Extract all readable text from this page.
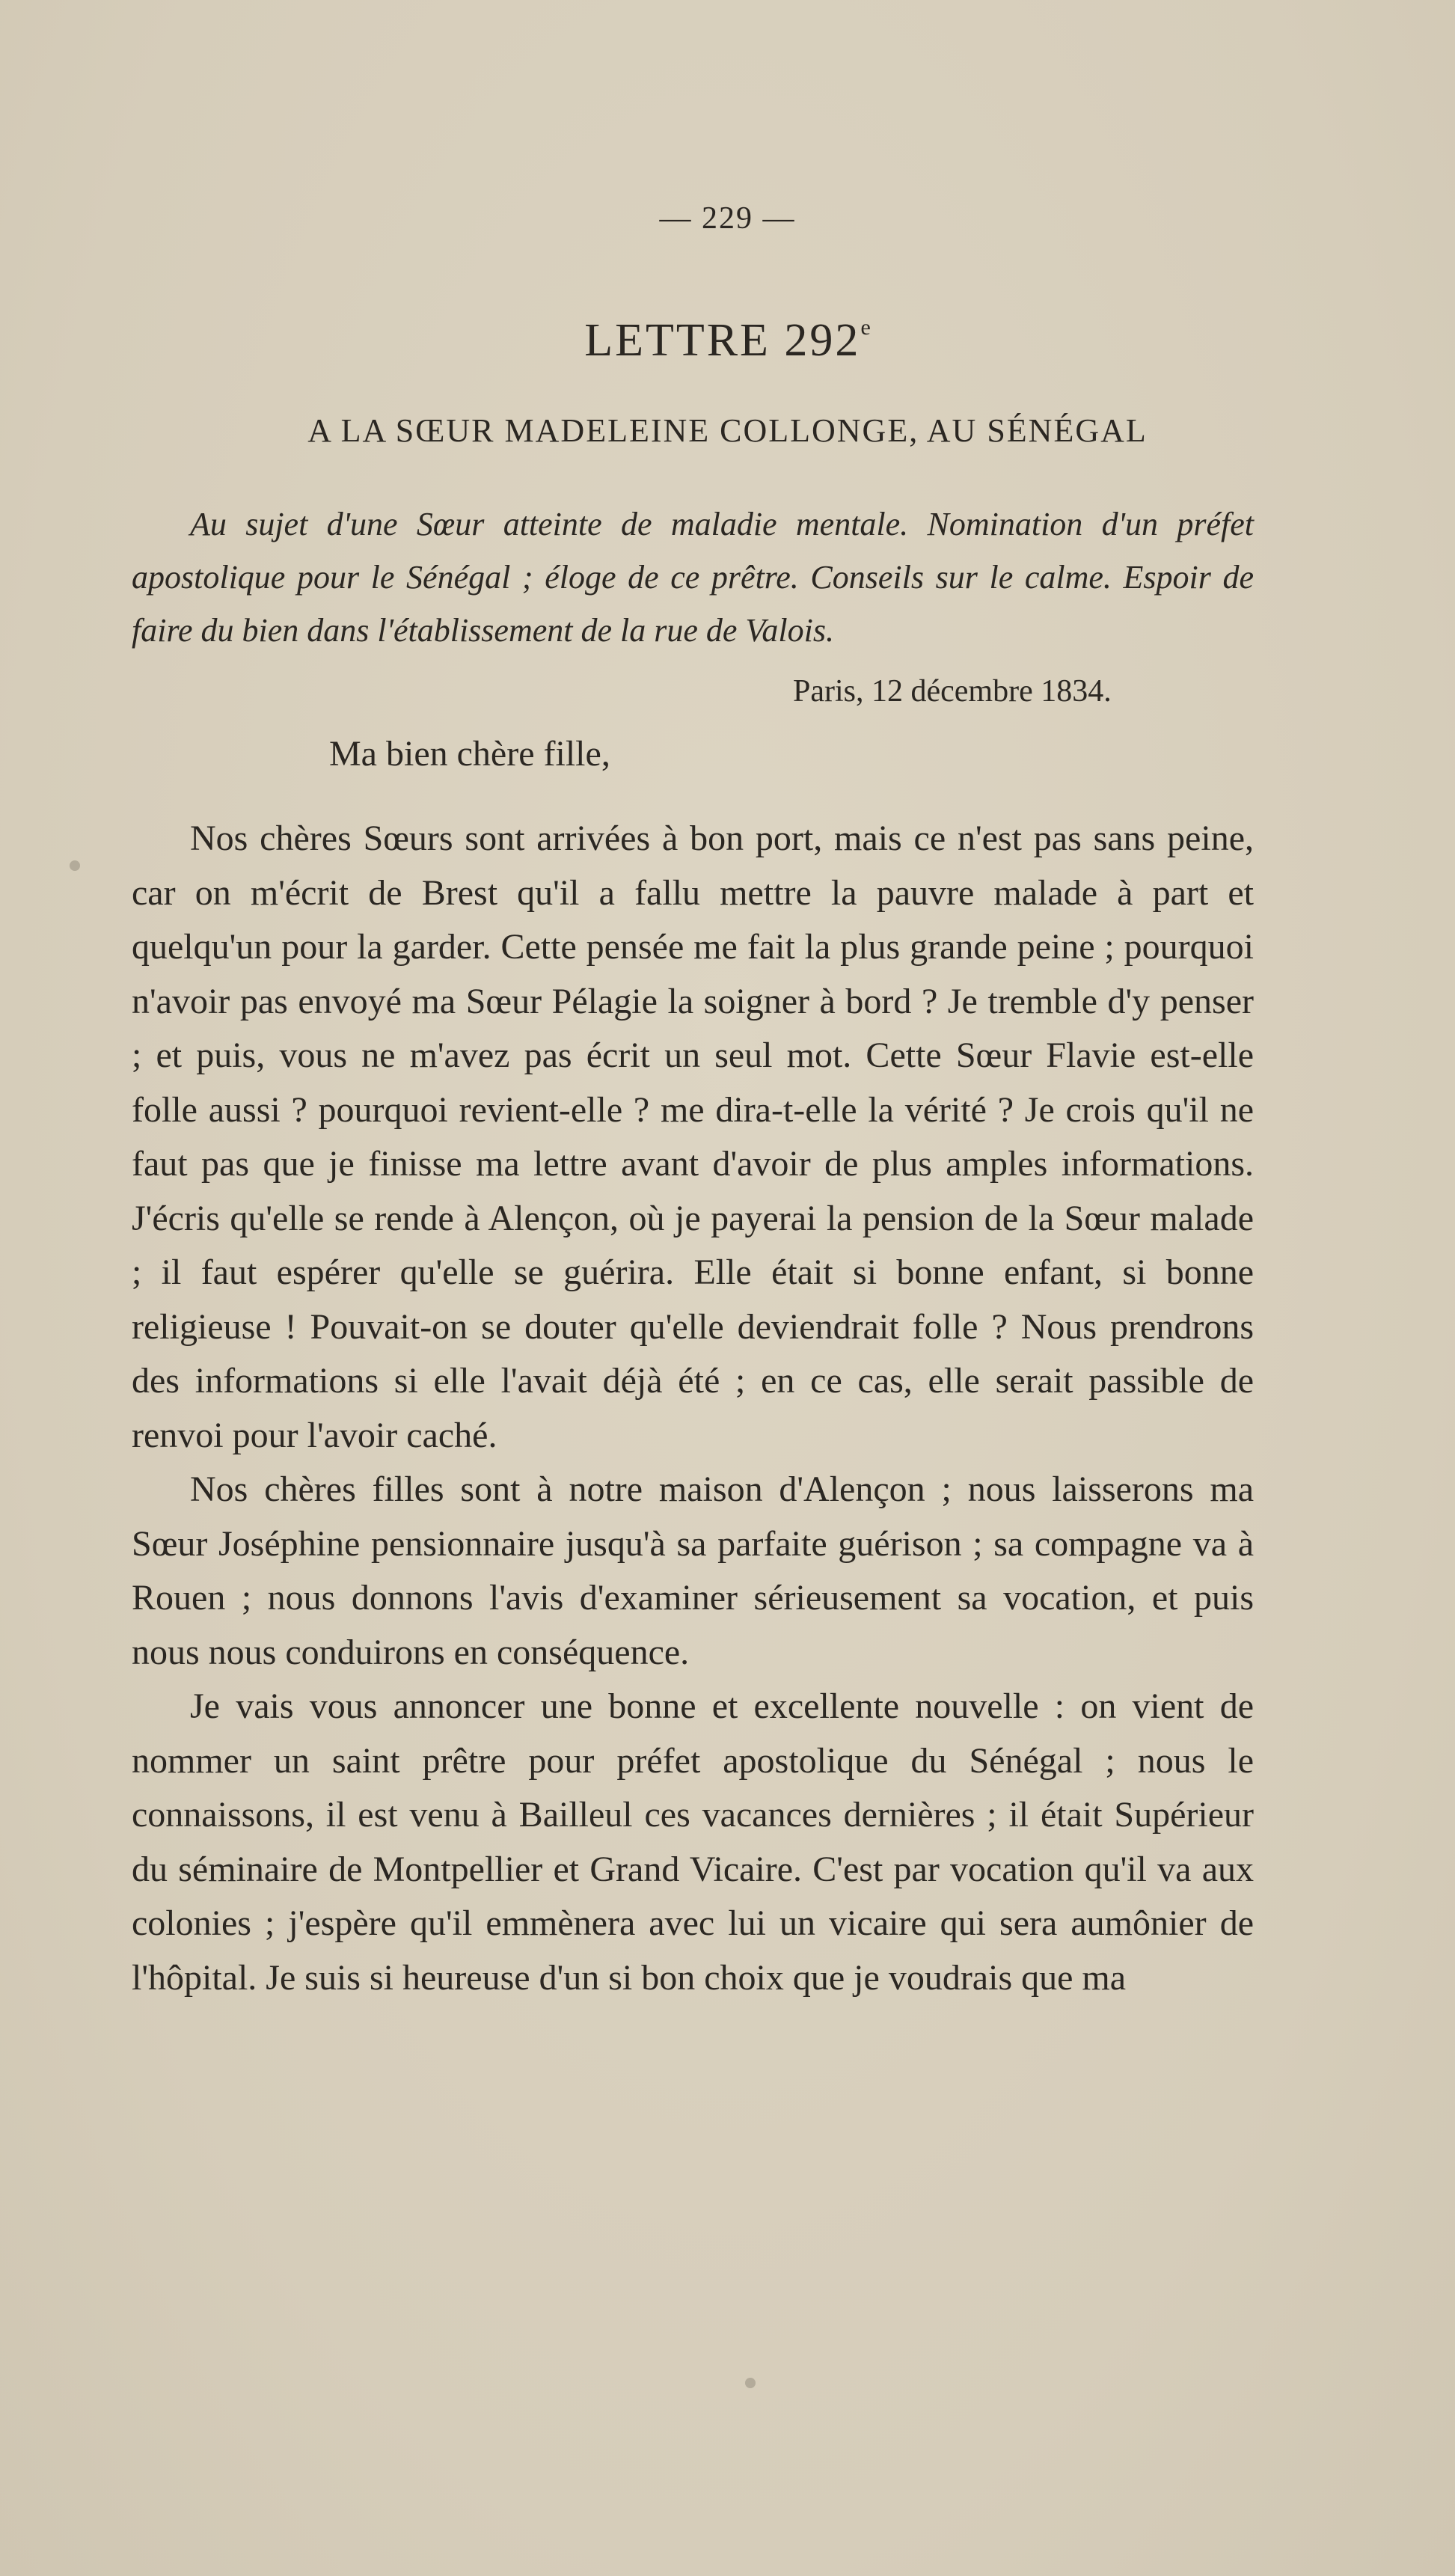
— 229 —
LETTRE 292e
A LA SŒUR MADELEINE COLLONGE, AU SÉNÉGAL
Au sujet d'une Sœur atteinte de maladie mentale. Nomination d'un préfet apostolique pour le Sénégal ; éloge de ce prêtre. Conseils sur le calme. Espoir de faire du bien dans l'établissement de la rue de Valois.
Paris, 12 décembre 1834.
Ma bien chère fille,

Nos chères Sœurs sont arrivées à bon port, mais ce n'est pas sans peine, car on m'écrit de Brest qu'il a fallu mettre la pauvre malade à part et quelqu'un pour la garder. Cette pensée me fait la plus grande peine ; pourquoi n'avoir pas envoyé ma Sœur Pélagie la soigner à bord ? Je tremble d'y penser ; et puis, vous ne m'avez pas écrit un seul mot. Cette Sœur Flavie est-elle folle aussi ? pourquoi revient-elle ? me dira-t-elle la vérité ? Je crois qu'il ne faut pas que je finisse ma lettre avant d'avoir de plus amples informations. J'écris qu'elle se rende à Alençon, où je payerai la pension de la Sœur malade ; il faut espérer qu'elle se guérira. Elle était si bonne enfant, si bonne religieuse ! Pouvait-on se douter qu'elle deviendrait folle ? Nous prendrons des informations si elle l'avait déjà été ; en ce cas, elle serait passible de renvoi pour l'avoir caché.

Nos chères filles sont à notre maison d'Alençon ; nous laisserons ma Sœur Joséphine pensionnaire jusqu'à sa parfaite guérison ; sa compagne va à Rouen ; nous donnons l'avis d'examiner sérieusement sa vocation, et puis nous nous conduirons en conséquence.

Je vais vous annoncer une bonne et excellente nouvelle : on vient de nommer un saint prêtre pour préfet apostolique du Sénégal ; nous le connaissons, il est venu à Bailleul ces vacances dernières ; il était Supérieur du séminaire de Montpellier et Grand Vicaire. C'est par vocation qu'il va aux colonies ; j'espère qu'il emmènera avec lui un vicaire qui sera aumônier de l'hôpital. Je suis si heureuse d'un si bon choix que je voudrais que ma
